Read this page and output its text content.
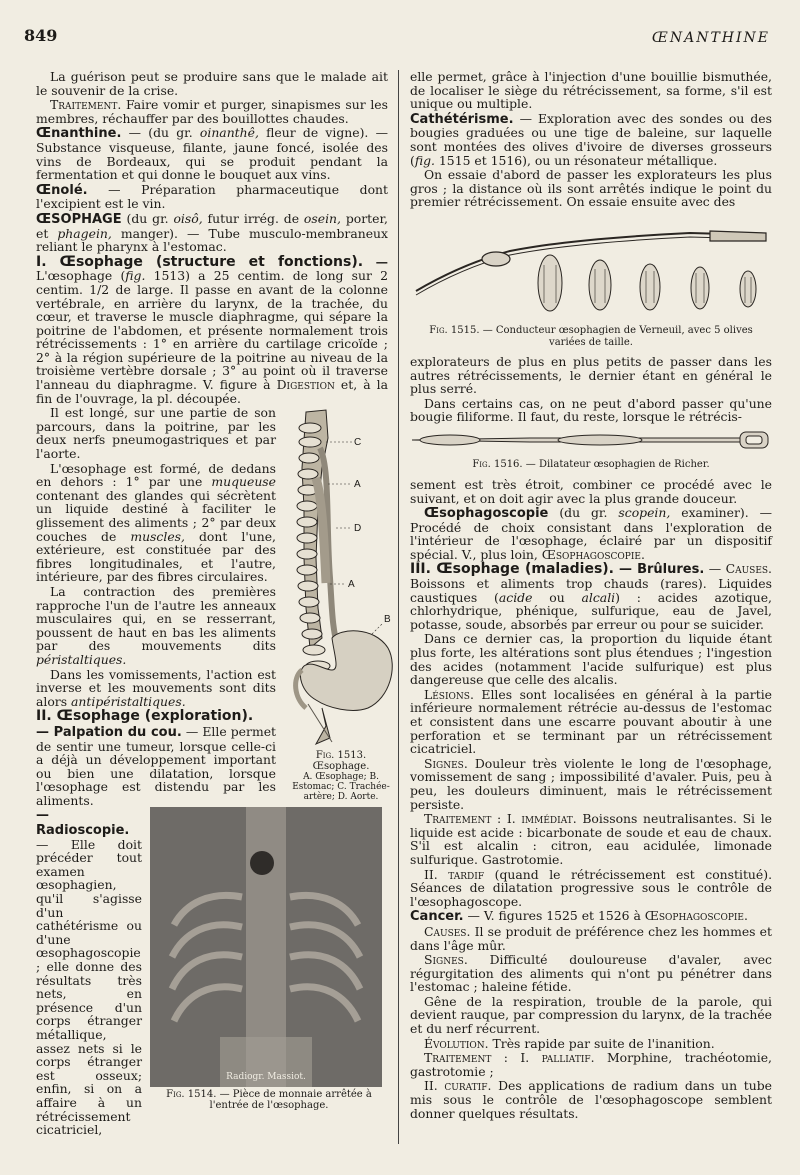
849	ŒNANTHINE

La guérison peut se produire sans que le malade ait le souvenir de la crise.

Traitement. Faire vomir et purger, sinapismes sur les membres, réchauffer par des bouillottes chaudes.

Œnanthine. — (du gr. oinanthê, fleur de vigne). — Substance visqueuse, filante, jaune foncé, isolée des vins de Bordeaux, qui se produit pendant la fermentation et qui donne le bouquet aux vins.

Œnolé. — Préparation pharmaceutique dont l'excipient est le vin.

ŒSOPHAGE (du gr. oisô, futur irrég. de osein, porter, et phagein, manger). — Tube musculo-membraneux reliant le pharynx à l'estomac.

I. Œsophage (structure et fonctions). — L'œsophage (fig. 1513) a 25 centim. de long sur 2 centim. 1/2 de large. Il passe en avant de la colonne vertébrale, en arrière du larynx, de la trachée, du cœur, et traverse le muscle diaphragme, qui sépare la poitrine de l'abdomen, et présente normalement trois rétrécissements : 1° en arrière du cartilage cricoïde ; 2° à la région supérieure de la poitrine au niveau de la troisième vertèbre dorsale ; 3° au point où il traverse l'anneau du diaphragme. V. figure à Digestion et, à la fin de l'ouvrage, la pl. découpée.

C
A
D
A
B
Fig. 1513.
Œsophage.
A. Œsophage; B. Estomac; C. Trachée-artère; D. Aorte.

Il est longé, sur une partie de son parcours, dans la poitrine, par les deux nerfs pneumogastriques et par l'aorte.

L'œsophage est formé, de dedans en dehors : 1° par une muqueuse contenant des glandes qui sécrètent un liquide destiné à faciliter le glissement des aliments ; 2° par deux couches de muscles, dont l'une, extérieure, est constituée par des fibres longitudinales, et l'autre, intérieure, par des fibres circulaires.

La contraction des premières rapproche l'un de l'autre les anneaux musculaires qui, en se resserrant, poussent de haut en bas les aliments par des mouvements dits péristaltiques.

Radiogr. Massiot.
Fig. 1514. — Pièce de monnaie arrêtée à l'entrée de l'œsophage.

Dans les vomissements, l'action est inverse et les mouvements sont dits alors antipéristaltiques.

II. Œsophage (exploration).

— Palpation du cou. — Elle permet de sentir une tumeur, lorsque celle-ci a déjà un développement important ou bien une dilatation, lorsque l'œsophage est distendu par les aliments.

— Radioscopie. — Elle doit précéder tout examen œsophagien, qu'il s'agisse d'un cathétérisme ou d'une œsophagoscopie ; elle donne des résultats très nets, en présence d'un corps étranger métallique, assez nets si le corps étranger est osseux; enfin, si on a affaire à un rétrécissement cicatriciel,

elle permet, grâce à l'injection d'une bouillie bismuthée, de localiser le siège du rétrécissement, sa forme, s'il est unique ou multiple.

Cathétérisme. — Exploration avec des sondes ou des bougies graduées ou une tige de baleine, sur laquelle sont montées des olives d'ivoire de diverses grosseurs (fig. 1515 et 1516), ou un résonateur métallique.

On essaie d'abord de passer les explorateurs les plus gros ; la distance où ils sont arrêtés indique le point du premier rétrécissement. On essaie ensuite avec des

Fig. 1515. — Conducteur œsophagien de Verneuil, avec 5 olives variées de taille.

explorateurs de plus en plus petits de passer dans les autres rétrécissements, le dernier étant en général le plus serré.

Dans certains cas, on ne peut d'abord passer qu'une bougie filiforme. Il faut, du reste, lorsque le rétrécis-

Fig. 1516. — Dilatateur œsophagien de Richer.

sement est très étroit, combiner ce procédé avec le suivant, et on doit agir avec la plus grande douceur.

Œsophagoscopie (du gr. scopein, examiner). — Procédé de choix consistant dans l'exploration de l'intérieur de l'œsophage, éclairé par un dispositif spécial. V., plus loin, Œsophagoscopie.

III. Œsophage (maladies). — Brûlures. — Causes. Boissons et aliments trop chauds (rares). Liquides caustiques (acide ou alcali) : acides azotique, chlorhydrique, phénique, sulfurique, eau de Javel, potasse, soude, absorbés par erreur ou pour se suicider.

Dans ce dernier cas, la proportion du liquide étant plus forte, les altérations sont plus étendues ; l'ingestion des acides (notamment l'acide sulfurique) est plus dangereuse que celle des alcalis.

Lésions. Elles sont localisées en général à la partie inférieure normalement rétrécie au-dessus de l'estomac et consistent dans une escarre pouvant aboutir à une perforation et se terminant par un rétrécissement cicatriciel.

Signes. Douleur très violente le long de l'œsophage, vomissement de sang ; impossibilité d'avaler. Puis, peu à peu, les douleurs diminuent, mais le rétrécissement persiste.

Traitement : I. immédiat. Boissons neutralisantes. Si le liquide est acide : bicarbonate de soude et eau de chaux. S'il est alcalin : citron, eau acidulée, limonade sulfurique. Gastrotomie.

II. tardif (quand le rétrécissement est constitué). Séances de dilatation progressive sous le contrôle de l'œsophagoscope.

Cancer. — V. figures 1525 et 1526 à Œsophagoscopie.

Causes. Il se produit de préférence chez les hommes et dans l'âge mûr.

Signes. Difficulté douloureuse d'avaler, avec régurgitation des aliments qui n'ont pu pénétrer dans l'estomac ; haleine fétide.

Gêne de la respiration, trouble de la parole, qui devient rauque, par compression du larynx, de la trachée et du nerf récurrent.

Évolution. Très rapide par suite de l'inanition.

Traitement : I. palliatif. Morphine, trachéotomie, gastrotomie ;

II. curatif. Des applications de radium dans un tube mis sous le contrôle de l'œsophagoscope semblent donner quelques résultats.
